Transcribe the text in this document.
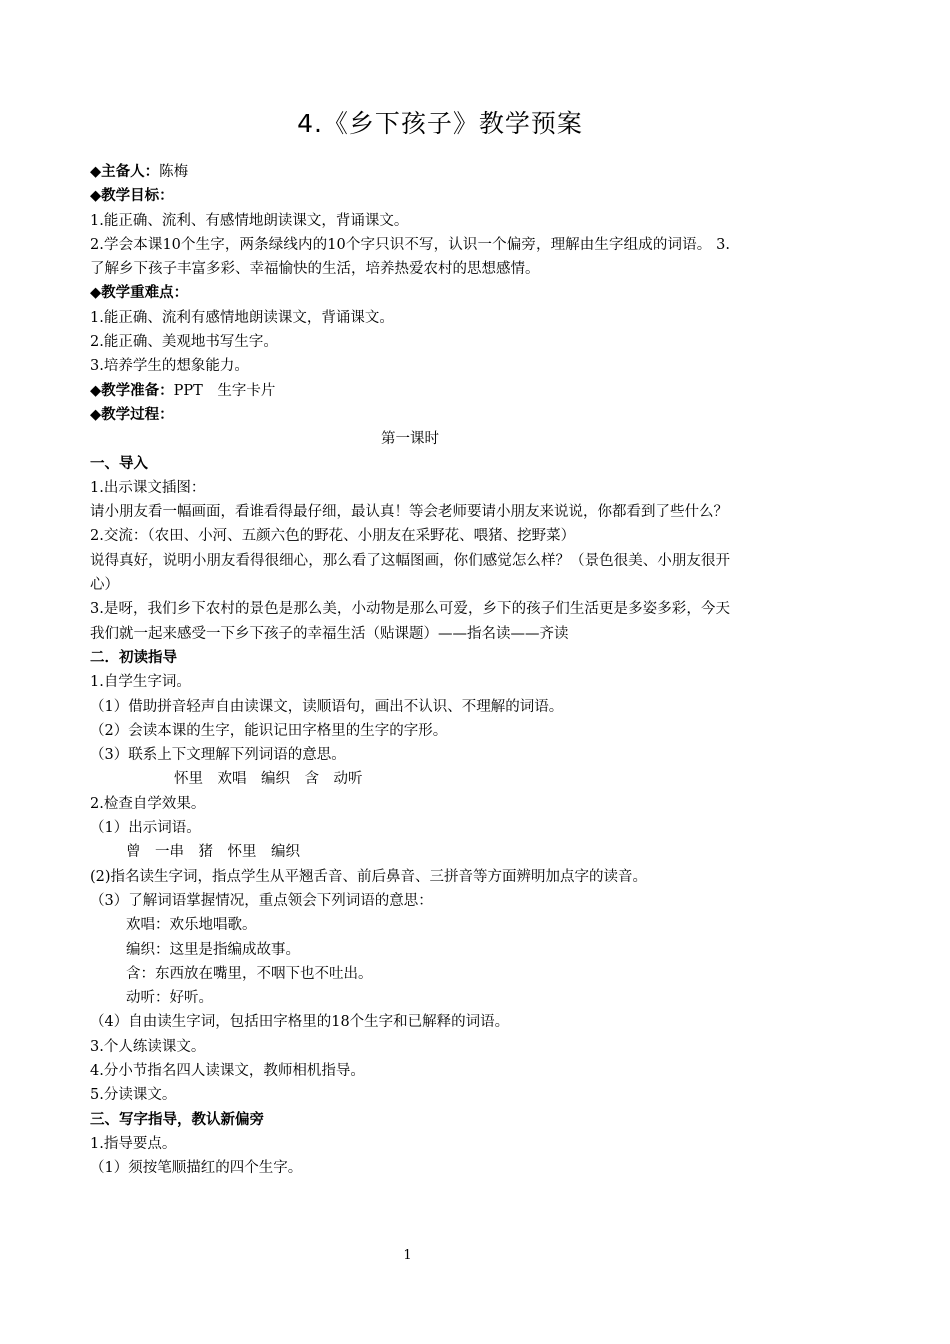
4.《乡下孩子》教学预案
◆主备人：陈梅
◆教学目标：
1.能正确、流利、有感情地朗读课文，背诵课文。
2.学会本课10个生字，两条绿线内的10个字只识不写，认识一个偏旁，理解由生字组成的词语。 3.了解乡下孩子丰富多彩、幸福愉快的生活，培养热爱农村的思想感情。
◆教学重难点：
1.能正确、流利有感情地朗读课文，背诵课文。
2.能正确、美观地书写生字。
3.培养学生的想象能力。
◆教学准备：PPT　生字卡片
◆教学过程：
第一课时
一、导入
1.出示课文插图：
请小朋友看一幅画面，看谁看得最仔细，最认真！等会老师要请小朋友来说说，你都看到了些什么？
2.交流：（农田、小河、五颜六色的野花、小朋友在采野花、喂猪、挖野菜）
说得真好，说明小朋友看得很细心，那么看了这幅图画，你们感觉怎么样？（景色很美、小朋友很开心）
3.是呀，我们乡下农村的景色是那么美，小动物是那么可爱，乡下的孩子们生活更是多姿多彩，今天我们就一起来感受一下乡下孩子的幸福生活（贴课题）——指名读——齐读
二．初读指导
1.自学生字词。
（1）借助拼音轻声自由读课文，读顺语句，画出不认识、不理解的词语。
（2）会读本课的生字，能识记田字格里的生字的字形。
（3）联系上下文理解下列词语的意思。
怀里　欢唱　编织　含　动听
2.检查自学效果。
（1）出示词语。
曾　一串　猪　怀里　编织
(2)指名读生字词，指点学生从平翘舌音、前后鼻音、三拼音等方面辨明加点字的读音。
（3）了解词语掌握情况，重点领会下列词语的意思：
欢唱：欢乐地唱歌。
编织：这里是指编成故事。
含：东西放在嘴里，不咽下也不吐出。
动听：好听。
（4）自由读生字词，包括田字格里的18个生字和已解释的词语。
3.个人练读课文。
4.分小节指名四人读课文，教师相机指导。
5.分读课文。
三、写字指导，教认新偏旁
1.指导要点。
（1）须按笔顺描红的四个生字。
1
